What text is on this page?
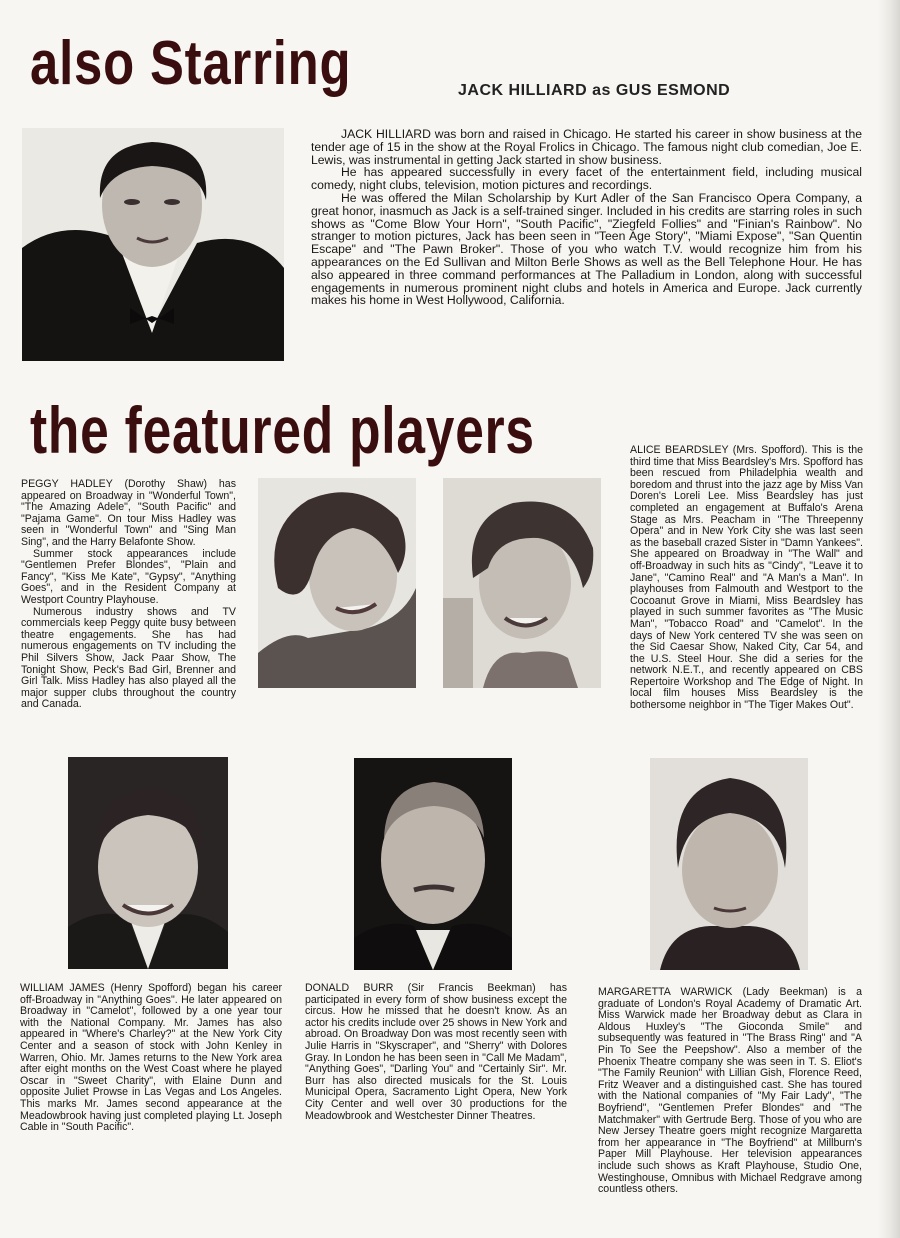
also Starring	JACK HILLIARD as GUS ESMOND

JACK HILLIARD was born and raised in Chicago. He started his career in show business at the tender age of 15 in the show at the Royal Frolics in Chicago. The famous night club comedian, Joe E. Lewis, was instrumental in getting Jack started in show business.

He has appeared successfully in every facet of the entertainment field, including musical comedy, night clubs, television, motion pictures and recordings.

He was offered the Milan Scholarship by Kurt Adler of the San Francisco Opera Company, a great honor, inasmuch as Jack is a self-trained singer. Included in his credits are starring roles in such shows as "Come Blow Your Horn", "South Pacific", "Ziegfeld Follies" and "Finian's Rainbow". No stranger to motion pictures, Jack has been seen in "Teen Age Story", "Miami Expose", "San Quentin Escape" and "The Pawn Broker". Those of you who watch T.V. would recognize him from his appearances on the Ed Sullivan and Milton Berle Shows as well as the Bell Telephone Hour. He has also appeared in three command performances at The Palladium in London, along with successful engagements in numerous prominent night clubs and hotels in America and Europe. Jack currently makes his home in West Hollywood, California.

the featured players

PEGGY HADLEY (Dorothy Shaw) has appeared on Broadway in "Wonderful Town", "The Amazing Adele", "South Pacific" and "Pajama Game". On tour Miss Hadley was seen in "Wonderful Town" and "Sing Man Sing", and the Harry Belafonte Show.

Summer stock appearances include "Gentlemen Prefer Blondes", "Plain and Fancy", "Kiss Me Kate", "Gypsy", "Anything Goes", and in the Resident Company at Westport Country Playhouse.

Numerous industry shows and TV commercials keep Peggy quite busy between theatre engagements. She has had numerous engagements on TV including the Phil Silvers Show, Jack Paar Show, The Tonight Show, Peck's Bad Girl, Brenner and Girl Talk. Miss Hadley has also played all the major supper clubs throughout the country and Canada.

ALICE BEARDSLEY (Mrs. Spofford). This is the third time that Miss Beardsley's Mrs. Spofford has been rescued from Philadelphia wealth and boredom and thrust into the jazz age by Miss Van Doren's Loreli Lee. Miss Beardsley has just completed an engagement at Buffalo's Arena Stage as Mrs. Peacham in "The Threepenny Opera" and in New York City she was last seen as the baseball crazed Sister in "Damn Yankees". She appeared on Broadway in "The Wall" and off-Broadway in such hits as "Cindy", "Leave it to Jane", "Camino Real" and "A Man's a Man". In playhouses from Falmouth and Westport to the Cocoanut Grove in Miami, Miss Beardsley has played in such summer favorites as "The Music Man", "Tobacco Road" and "Camelot". In the days of New York centered TV she was seen on the Sid Caesar Show, Naked City, Car 54, and the U.S. Steel Hour. She did a series for the network N.E.T., and recently appeared on CBS Repertoire Workshop and The Edge of Night. In local film houses Miss Beardsley is the bothersome neighbor in "The Tiger Makes Out".

WILLIAM JAMES (Henry Spofford) began his career off-Broadway in "Anything Goes". He later appeared on Broadway in "Camelot", followed by a one year tour with the National Company. Mr. James has also appeared in "Where's Charley?" at the New York City Center and a season of stock with John Kenley in Warren, Ohio. Mr. James returns to the New York area after eight months on the West Coast where he played Oscar in "Sweet Charity", with Elaine Dunn and opposite Juliet Prowse in Las Vegas and Los Angeles. This marks Mr. James second appearance at the Meadowbrook having just completed playing Lt. Joseph Cable in "South Pacific".

DONALD BURR (Sir Francis Beekman) has participated in every form of show business except the circus. How he missed that he doesn't know. As an actor his credits include over 25 shows in New York and abroad. On Broadway Don was most recently seen with Julie Harris in "Skyscraper", and "Sherry" with Dolores Gray. In London he has been seen in "Call Me Madam", "Anything Goes", "Darling You" and "Certainly Sir". Mr. Burr has also directed musicals for the St. Louis Municipal Opera, Sacramento Light Opera, New York City Center and well over 30 productions for the Meadowbrook and Westchester Dinner Theatres.

MARGARETTA WARWICK (Lady Beekman) is a graduate of London's Royal Academy of Dramatic Art. Miss Warwick made her Broadway debut as Clara in Aldous Huxley's "The Gioconda Smile" and subsequently was featured in "The Brass Ring" and "A Pin To See the Peepshow". Also a member of the Phoenix Theatre company she was seen in T. S. Eliot's "The Family Reunion" with Lillian Gish, Florence Reed, Fritz Weaver and a distinguished cast. She has toured with the National companies of "My Fair Lady", "The Boyfriend", "Gentlemen Prefer Blondes" and "The Matchmaker" with Gertrude Berg. Those of you who are New Jersey Theatre goers might recognize Margaretta from her appearance in "The Boyfriend" at Millburn's Paper Mill Playhouse. Her television appearances include such shows as Kraft Playhouse, Studio One, Westinghouse, Omnibus with Michael Redgrave among countless others.
